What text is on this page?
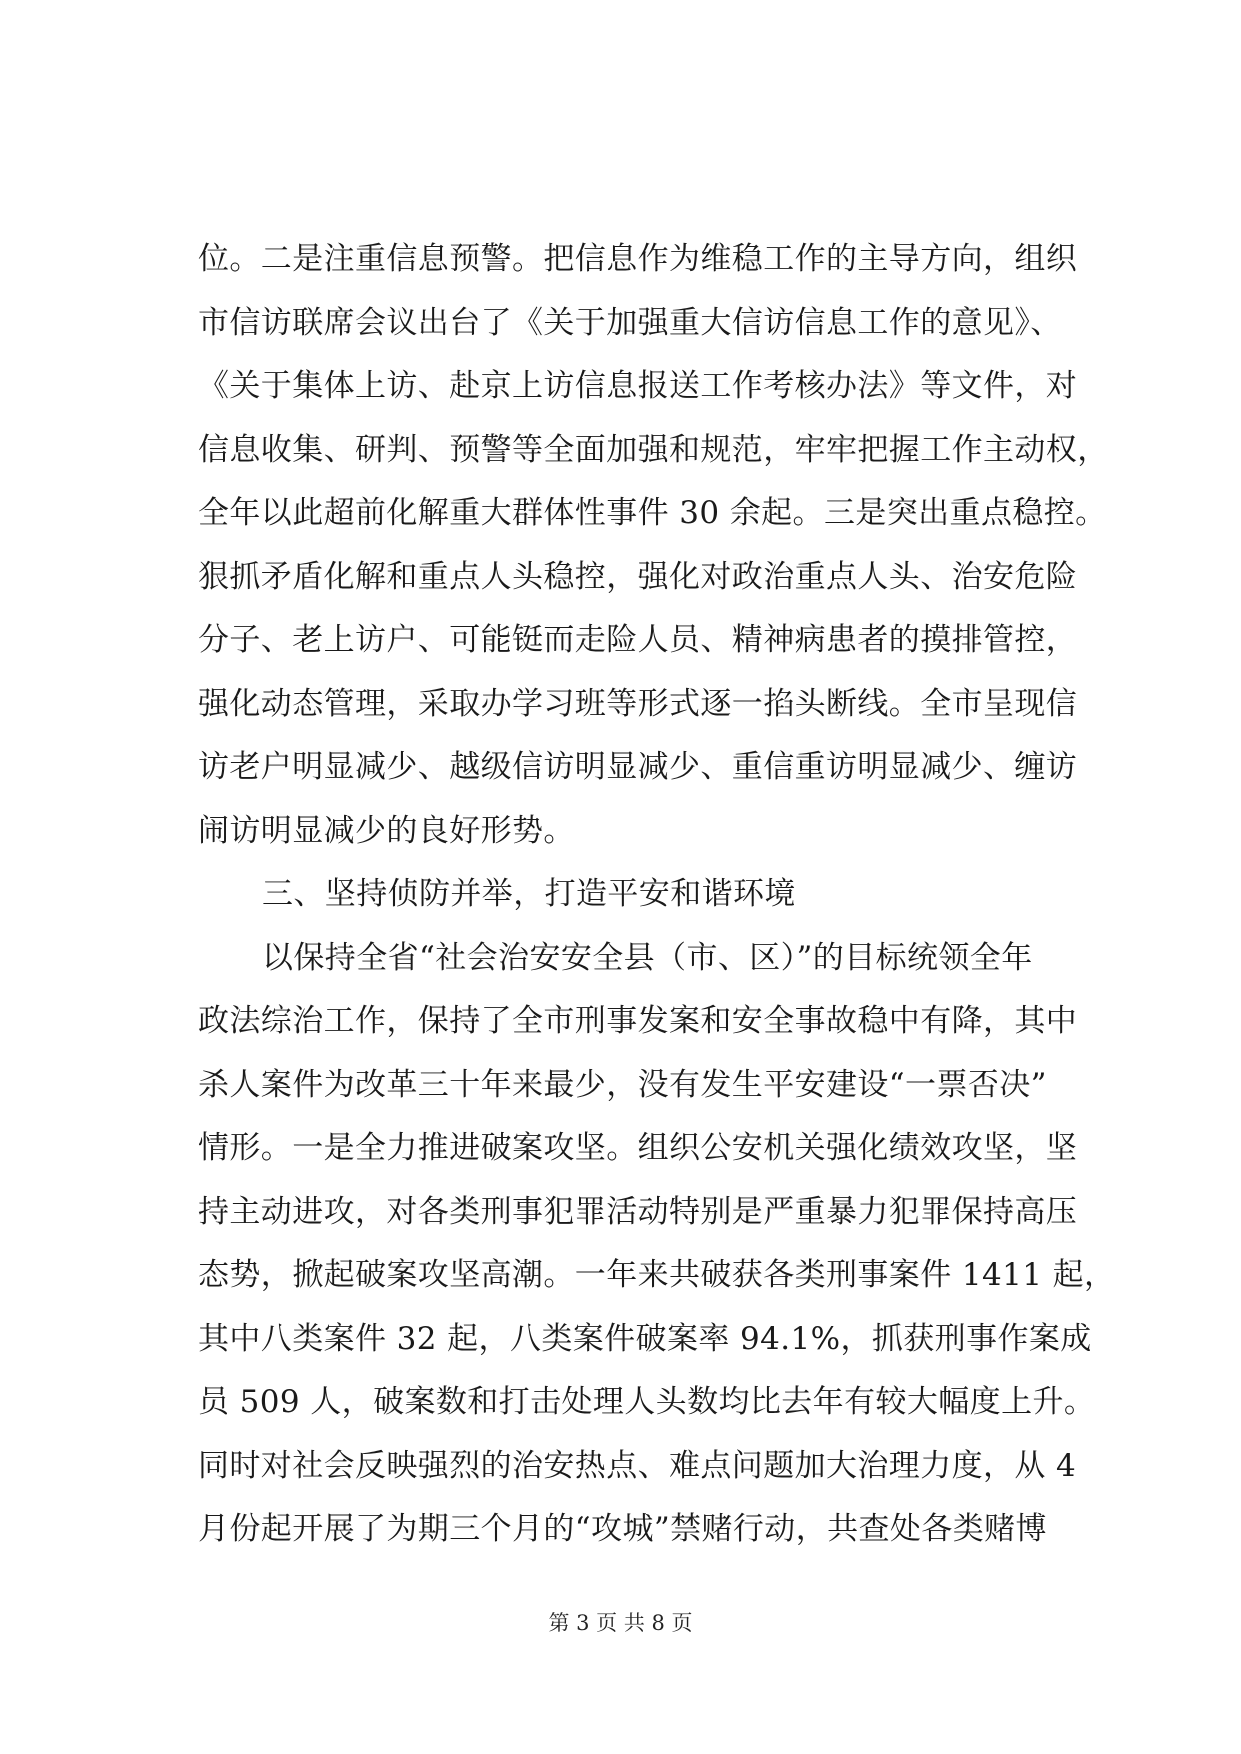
位。二是注重信息预警。把信息作为维稳工作的主导方向，组织
市信访联席会议出台了《关于加强重大信访信息工作的意见》、
《关于集体上访、赴京上访信息报送工作考核办法》等文件，对
信息收集、研判、预警等全面加强和规范，牢牢把握工作主动权，
全年以此超前化解重大群体性事件 30 余起。三是突出重点稳控。
狠抓矛盾化解和重点人头稳控，强化对政治重点人头、治安危险
分子、老上访户、可能铤而走险人员、精神病患者的摸排管控，
强化动态管理，采取办学习班等形式逐一掐头断线。全市呈现信
访老户明显减少、越级信访明显减少、重信重访明显减少、缠访
闹访明显减少的良好形势。
三、坚持侦防并举，打造平安和谐环境
以保持全省“社会治安安全县（市、区）”的目标统领全年
政法综治工作，保持了全市刑事发案和安全事故稳中有降，其中
杀人案件为改革三十年来最少，没有发生平安建设“一票否决”
情形。一是全力推进破案攻坚。组织公安机关强化绩效攻坚，坚
持主动进攻，对各类刑事犯罪活动特别是严重暴力犯罪保持高压
态势，掀起破案攻坚高潮。一年来共破获各类刑事案件 1411 起，
其中八类案件 32 起，八类案件破案率 94.1%，抓获刑事作案成
员 509 人，破案数和打击处理人头数均比去年有较大幅度上升。
同时对社会反映强烈的治安热点、难点问题加大治理力度，从 4
月份起开展了为期三个月的“攻城”禁赌行动，共查处各类赌博
第 3 页 共 8 页
